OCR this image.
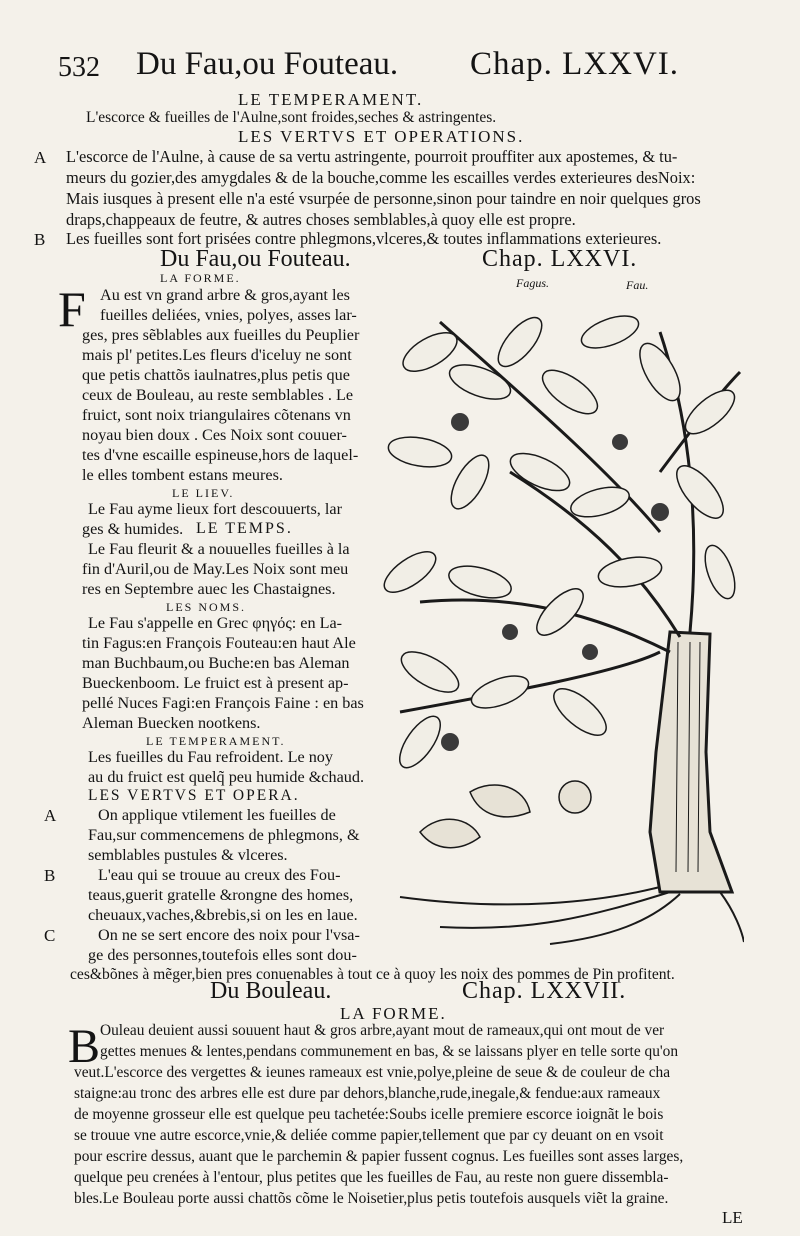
532 Du Fau,ou Fouteau. Chap. LXXVI.
LE TEMPERAMENT.
L'escorce & fueilles de l'Aulne,sont froides,seches & astringentes.
LES VERTVS ET OPERATIONS.
A L'escorce de l'Aulne, à cause de sa vertu astringente, pourroit prouffiter aux apostemes, & tu-
meurs du gozier,des amygdales & de la bouche,comme les escailles verdes exterieures desNoix:
Mais iusques à present elle n'a esté vsurpée de personne,sinon pour taindre en noir quelques gros
draps,chappeaux de feutre, & autres choses semblables,à quoy elle est propre.
B Les fueilles sont fort prisées contre phlegmons,vlceres,& toutes inflammations exterieures.
Du Fau,ou Fouteau.	Chap. LXXVI.
Fagus.	Fau.
LA FORME.
F Au est vn grand arbre & gros,ayant les
fueilles deliées, vnies, polyes, asses lar-
ges, pres sẽblables aux fueilles du Peuplier
mais pl' petites.Les fleurs d'iceluy ne sont
que petis chattõs iaulnatres,plus petis que
ceux de Bouleau, au reste semblables . Le
fruict, sont noix triangulaires cõtenans vn
noyau bien doux . Ces Noix sont couuer-
tes d'vne escaille espineuse,hors de laquel-
le elles tombent estans meures.
LE LIEV.
Le Fau ayme lieux fort descouuerts, lar
ges & humides. LE TEMPS.
Le Fau fleurit & a nouuelles fueilles à la
fin d'Auril,ou de May.Les Noix sont meu
res en Septembre auec les Chastaignes.
LES NOMS.
Le Fau s'appelle en Grec φηγός: en La-
tin Fagus:en François Fouteau:en haut Ale
man Buchbaum,ou Buche:en bas Aleman
Bueckenboom. Le fruict est à present ap-
pellé Nuces Fagi:en François Faine : en bas
Aleman Buecken nootkens.
LE TEMPERAMENT.
Les fueilles du Fau refroident. Le noy
au du fruict est quelq̃ peu humide &chaud.
LES VERTVS ET OPERA.
A	On applique vtilement les fueilles de
Fau,sur commencemens de phlegmons, &
semblables pustules & vlceres.
B	L'eau qui se trouue au creux des Fou-
teaus,guerit gratelle &rongne des homes,
cheuaux,vaches,&brebis,si on les en laue.
C	On ne se sert encore des noix pour l'vsa-
ge des personnes,toutefois elles sont dou-
ces&bõnes à mẽger,bien pres conuenables à tout ce à quoy les noix des pommes de Pin profitent.
Du Bouleau.	Chap. LXXVII.
LA FORME.
B Ouleau deuient aussi souuent haut & gros arbre,ayant mout de rameaux,qui ont mout de ver
gettes menues & lentes,pendans communement en bas, & se laissans plyer en telle sorte qu'on
veut.L'escorce des vergettes & ieunes rameaux est vnie,polye,pleine de seue & de couleur de cha
staigne:au tronc des arbres elle est dure par dehors,blanche,rude,inegale,& fendue:aux rameaux
de moyenne grosseur elle est quelque peu tachetée:Soubs icelle premiere escorce ioignãt le bois
se trouue vne autre escorce,vnie,& deliée comme papier,tellement que par cy deuant on en vsoit
pour escrire dessus, auant que le parchemin & papier fussent cognus. Les fueilles sont asses larges,
quelque peu crenées à l'entour, plus petites que les fueilles de Fau, au reste non guere dissembla-
bles.Le Bouleau porte aussi chattõs cõme le Noisetier,plus petis toutefois ausquels viẽt la graine.
LE
